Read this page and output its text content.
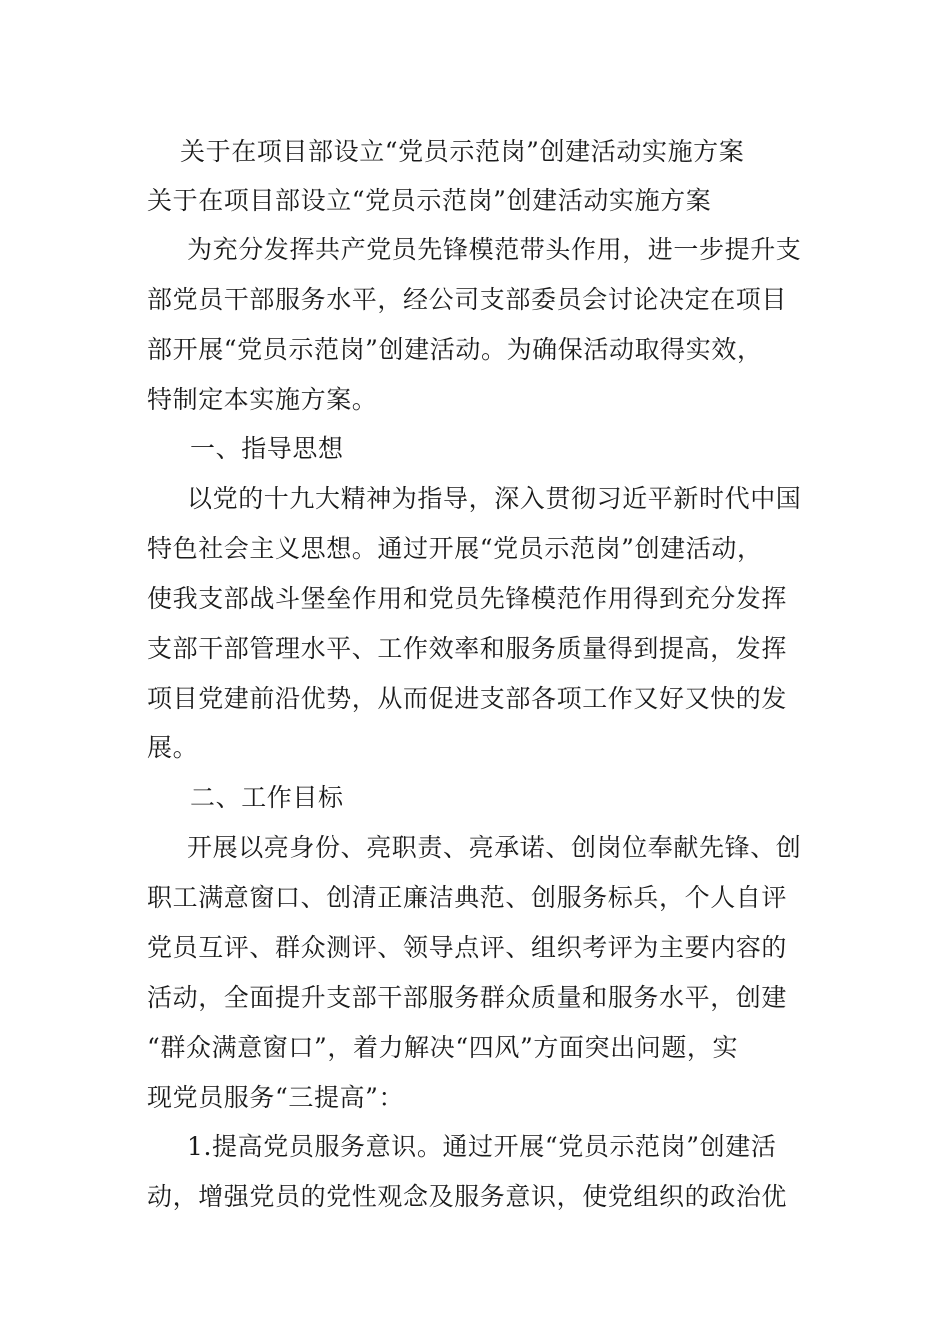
关于在项目部设立“党员示范岗”创建活动实施方案
关于在项目部设立“党员示范岗”创建活动实施方案
为充分发挥共产党员先锋模范带头作用，进一步提升支
部党员干部服务水平，经公司支部委员会讨论决定在项目
部开展“党员示范岗”创建活动。为确保活动取得实效，
特制定本实施方案。
一、指导思想
以党的十九大精神为指导，深入贯彻习近平新时代中国
特色社会主义思想。通过开展“党员示范岗”创建活动，
使我支部战斗堡垒作用和党员先锋模范作用得到充分发挥
支部干部管理水平、工作效率和服务质量得到提高，发挥
项目党建前沿优势，从而促进支部各项工作又好又快的发
展。
二、工作目标
开展以亮身份、亮职责、亮承诺、创岗位奉献先锋、创
职工满意窗口、创清正廉洁典范、创服务标兵，个人自评
党员互评、群众测评、领导点评、组织考评为主要内容的
活动，全面提升支部干部服务群众质量和服务水平，创建
“群众满意窗口”，着力解决“四风”方面突出问题，实
现党员服务“三提高”：
1.提高党员服务意识。通过开展“党员示范岗”创建活
动，增强党员的党性观念及服务意识，使党组织的政治优
